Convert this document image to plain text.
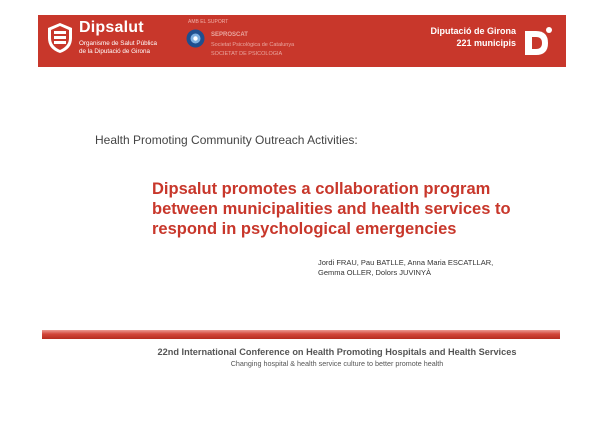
Dipsalut
Organisme de Salut Pública
de la Diputació de Girona
AMB EL SUPORT
SEPROSCAT
Societat Psicològica de Catalunya
SOCIETAT DE PSICOLOGIA
Diputació de Girona
221 municipis
Health Promoting Community Outreach Activities:
Dipsalut promotes a collaboration program
between municipalities and health services to
respond in psychological emergencies
Jordi FRAU, Pau BATLLE, Anna Maria ESCATLLAR,
Gemma OLLER, Dolors JUVINYÀ
22nd International Conference on Health Promoting Hospitals and Health Services
Changing hospital & health service culture to better promote health
